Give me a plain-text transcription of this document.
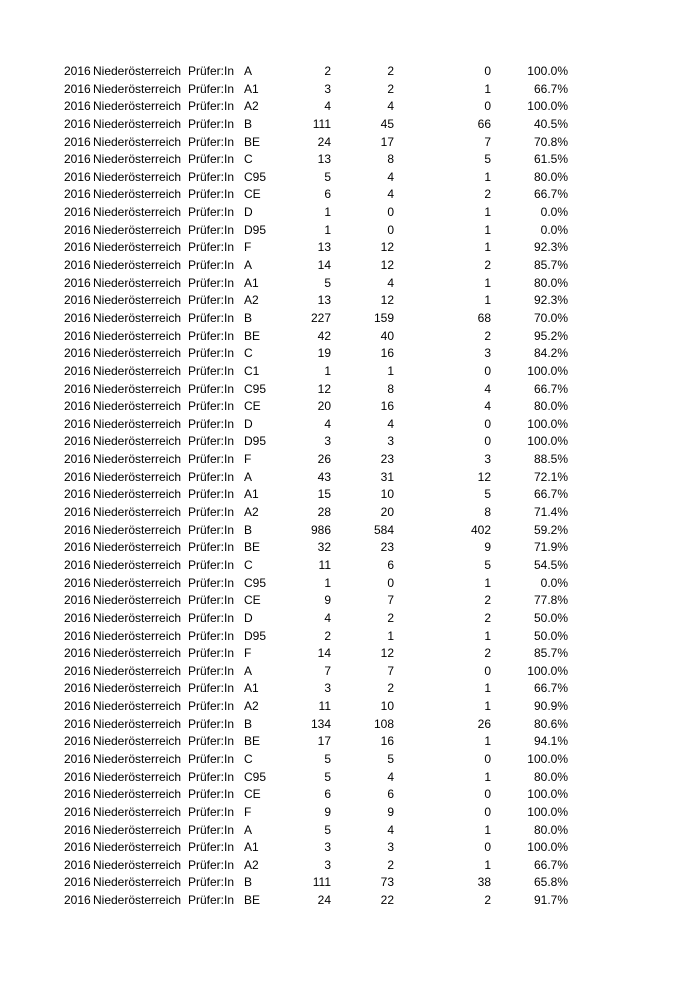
2016 Niederösterreich Prüfer:In A	2	2	0	100.0%
2016 Niederösterreich Prüfer:In A1	3	2	1	66.7%
2016 Niederösterreich Prüfer:In A2	4	4	0	100.0%
2016 Niederösterreich Prüfer:In B	111	45	66	40.5%
2016 Niederösterreich Prüfer:In BE	24	17	7	70.8%
2016 Niederösterreich Prüfer:In C	13	8	5	61.5%
2016 Niederösterreich Prüfer:In C95	5	4	1	80.0%
2016 Niederösterreich Prüfer:In CE	6	4	2	66.7%
2016 Niederösterreich Prüfer:In D	1	0	1	0.0%
2016 Niederösterreich Prüfer:In D95	1	0	1	0.0%
2016 Niederösterreich Prüfer:In F	13	12	1	92.3%
2016 Niederösterreich Prüfer:In A	14	12	2	85.7%
2016 Niederösterreich Prüfer:In A1	5	4	1	80.0%
2016 Niederösterreich Prüfer:In A2	13	12	1	92.3%
2016 Niederösterreich Prüfer:In B	227	159	68	70.0%
2016 Niederösterreich Prüfer:In BE	42	40	2	95.2%
2016 Niederösterreich Prüfer:In C	19	16	3	84.2%
2016 Niederösterreich Prüfer:In C1	1	1	0	100.0%
2016 Niederösterreich Prüfer:In C95	12	8	4	66.7%
2016 Niederösterreich Prüfer:In CE	20	16	4	80.0%
2016 Niederösterreich Prüfer:In D	4	4	0	100.0%
2016 Niederösterreich Prüfer:In D95	3	3	0	100.0%
2016 Niederösterreich Prüfer:In F	26	23	3	88.5%
2016 Niederösterreich Prüfer:In A	43	31	12	72.1%
2016 Niederösterreich Prüfer:In A1	15	10	5	66.7%
2016 Niederösterreich Prüfer:In A2	28	20	8	71.4%
2016 Niederösterreich Prüfer:In B	986	584	402	59.2%
2016 Niederösterreich Prüfer:In BE	32	23	9	71.9%
2016 Niederösterreich Prüfer:In C	11	6	5	54.5%
2016 Niederösterreich Prüfer:In C95	1	0	1	0.0%
2016 Niederösterreich Prüfer:In CE	9	7	2	77.8%
2016 Niederösterreich Prüfer:In D	4	2	2	50.0%
2016 Niederösterreich Prüfer:In D95	2	1	1	50.0%
2016 Niederösterreich Prüfer:In F	14	12	2	85.7%
2016 Niederösterreich Prüfer:In A	7	7	0	100.0%
2016 Niederösterreich Prüfer:In A1	3	2	1	66.7%
2016 Niederösterreich Prüfer:In A2	11	10	1	90.9%
2016 Niederösterreich Prüfer:In B	134	108	26	80.6%
2016 Niederösterreich Prüfer:In BE	17	16	1	94.1%
2016 Niederösterreich Prüfer:In C	5	5	0	100.0%
2016 Niederösterreich Prüfer:In C95	5	4	1	80.0%
2016 Niederösterreich Prüfer:In CE	6	6	0	100.0%
2016 Niederösterreich Prüfer:In F	9	9	0	100.0%
2016 Niederösterreich Prüfer:In A	5	4	1	80.0%
2016 Niederösterreich Prüfer:In A1	3	3	0	100.0%
2016 Niederösterreich Prüfer:In A2	3	2	1	66.7%
2016 Niederösterreich Prüfer:In B	111	73	38	65.8%
2016 Niederösterreich Prüfer:In BE	24	22	2	91.7%
